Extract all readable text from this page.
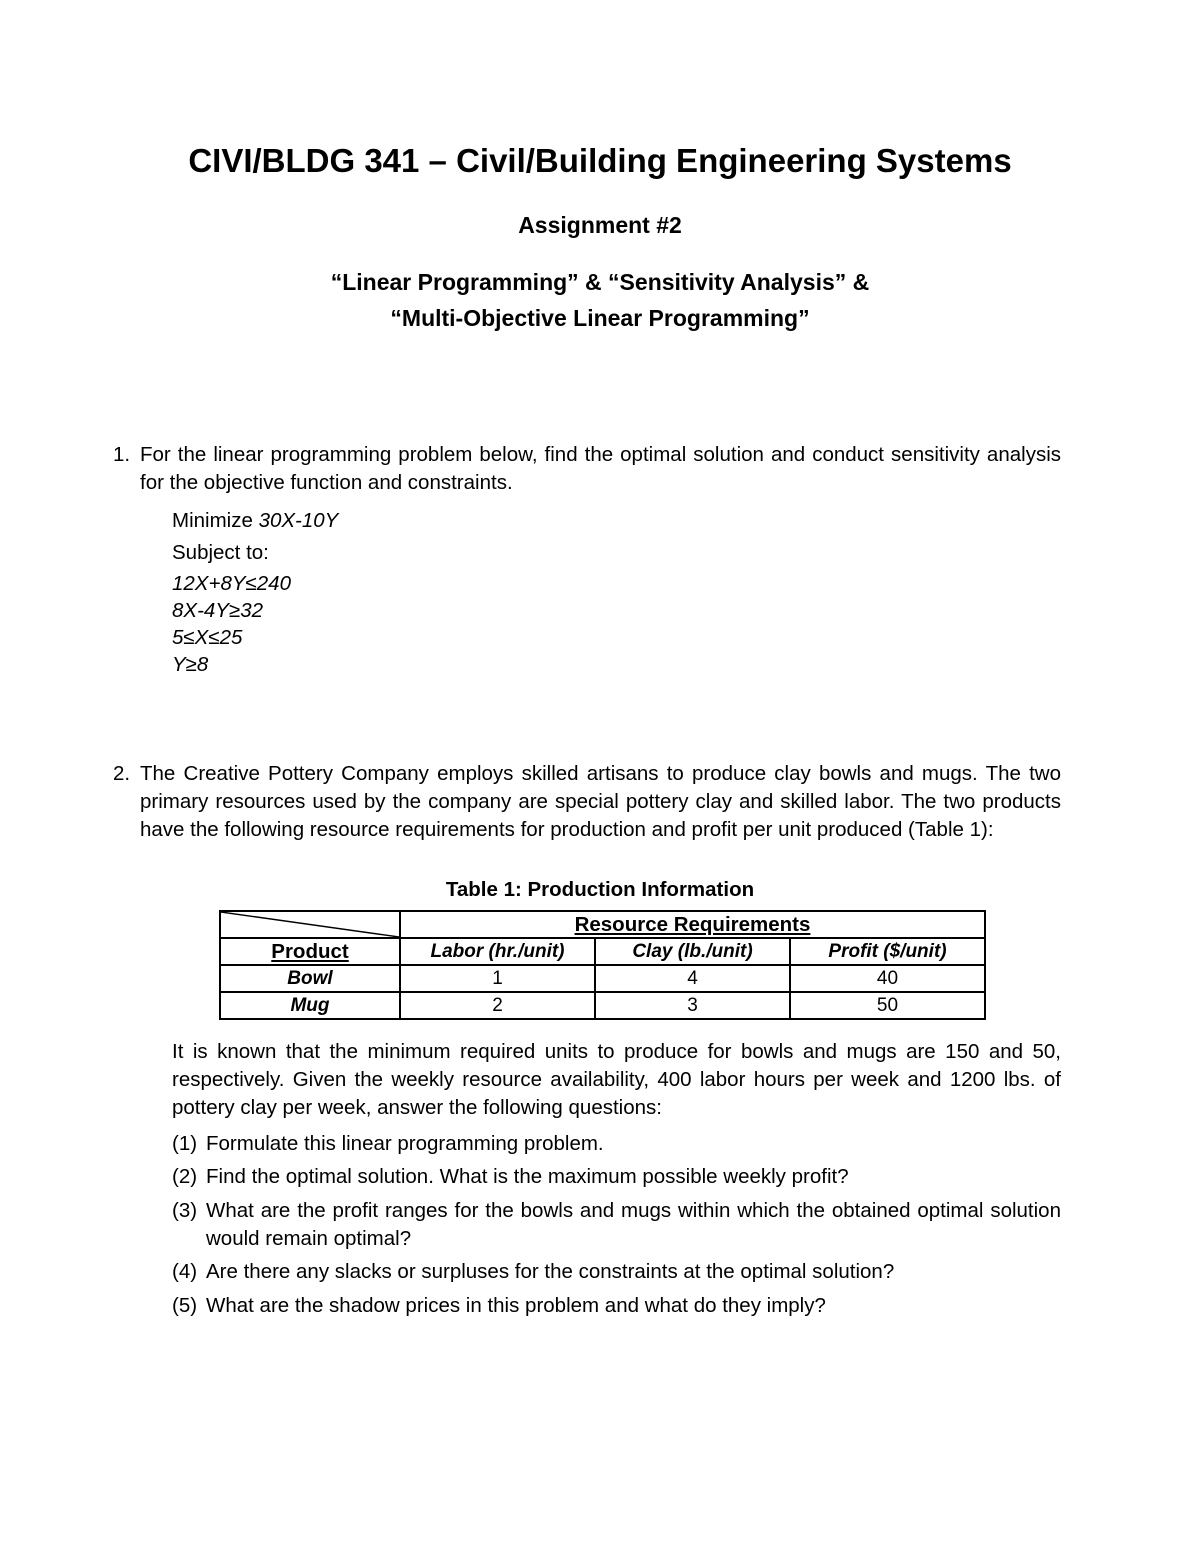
CIVI/BLDG 341 – Civil/Building Engineering Systems
Assignment #2
“Linear Programming” & “Sensitivity Analysis” &
“Multi-Objective Linear Programming”
1. For the linear programming problem below, find the optimal solution and conduct sensitivity analysis for the objective function and constraints.
Minimize 30X-10Y
Subject to:
12X+8Y≤240
8X-4Y≥32
5≤X≤25
Y≥8
2. The Creative Pottery Company employs skilled artisans to produce clay bowls and mugs. The two primary resources used by the company are special pottery clay and skilled labor. The two products have the following resource requirements for production and profit per unit produced (Table 1):
Table 1: Production Information
	Resource Requirements		
Product	Labor (hr./unit)	Clay (lb./unit)	Profit ($/unit)
Bowl	1	4	40
Mug	2	3	50
It is known that the minimum required units to produce for bowls and mugs are 150 and 50, respectively. Given the weekly resource availability, 400 labor hours per week and 1200 lbs. of pottery clay per week, answer the following questions:
(1) Formulate this linear programming problem.
(2) Find the optimal solution. What is the maximum possible weekly profit?
(3) What are the profit ranges for the bowls and mugs within which the obtained optimal solution would remain optimal?
(4) Are there any slacks or surpluses for the constraints at the optimal solution?
(5) What are the shadow prices in this problem and what do they imply?
